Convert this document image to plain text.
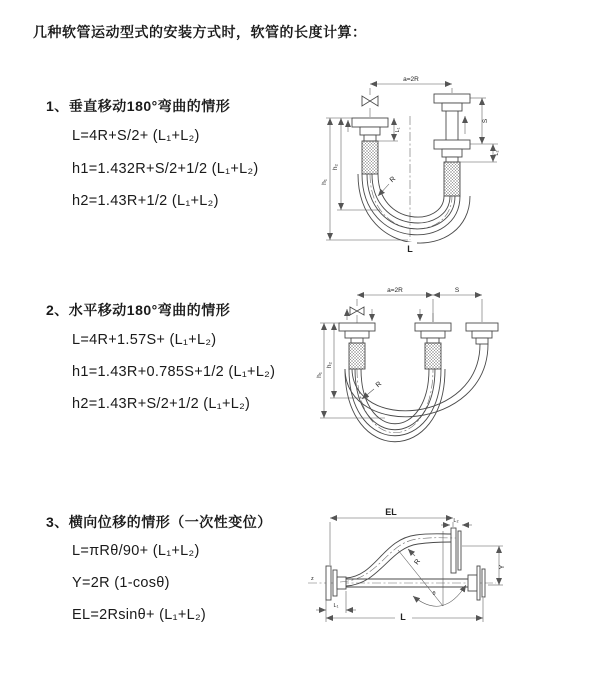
几种软管运动型式的安装方式时，软管的长度计算：
1、垂直移动180°弯曲的情形
L=4R+S/2+ (L₁+L₂)
h1=1.432R+S/2+1/2 (L₁+L₂)
h2=1.43R+1/2 (L₁+L₂)
2、水平移动180°弯曲的情形
L=4R+1.57S+ (L₁+L₂)
h1=1.43R+0.785S+1/2 (L₁+L₂)
h2=1.43R+S/2+1/2 (L₁+L₂)
3、横向位移的情形（一次性变位）
L=πRθ/90+ (L₁+L₂)
Y=2R (1-cosθ)
EL=2Rsinθ+ (L₁+L₂)
a=2R
h₁
h₂
L₁
S
L₂
R
L
a=2R	S
h₁
h₂
R
z
EL
L₂
Y
θ
R
L₁
L
